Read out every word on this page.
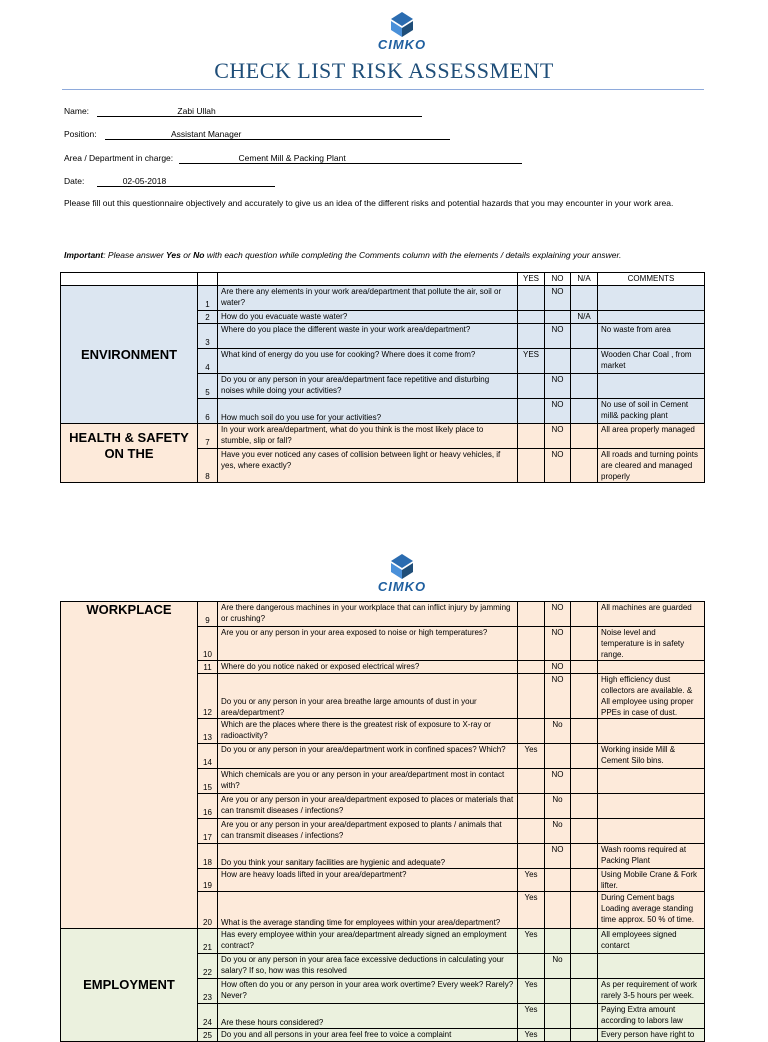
CIMKO
CHECK LIST RISK ASSESSMENT
Name:	Zabi Ullah
Position:	Assistant Manager
Area / Department in charge:	Cement Mill & Packing Plant
Date:	02-05-2018
Please fill out this questionnaire objectively and accurately to give us an idea of the different risks and potential hazards that you may encounter in your work area.
Important: Please answer Yes or No with each question while completing the Comments column with the elements / details explaining your answer.
			YES	NO	N/A	COMMENTS
ENVIRONMENT	1	Are there any elements in your work area/department that pollute the air, soil or water?		NO		
	2	How do you evacuate waste water?			N/A	
	3	Where do you place the different waste in your work area/department?		NO		No waste from area
	4	What kind of energy do you use for cooking? Where does it come from?	YES			Wooden Char Coal , from market
	5	Do you or any person in your area/department face repetitive and disturbing noises while doing your activities?		NO		
	6	How much soil do you use for your activities?		NO		No use of soil in Cement mill& packing plant
HEALTH & SAFETY ON THE	7	In your work area/department, what do you think is the most likely place to stumble, slip or fall?		NO		All area properly managed
	8	Have you ever noticed any cases of collision between light or heavy vehicles, if yes, where exactly?		NO		All roads and turning points are cleared and managed properly
CIMKO
WORKPLACE	9	Are there dangerous machines in your workplace that can inflict injury by jamming or crushing?		NO		All machines are guarded
	10	Are you or any person in your area exposed to noise or high temperatures?		NO		Noise level and temperature is in safety range.
	11	Where do you notice naked or exposed electrical wires?		NO		
	12	Do you or any person in your area breathe large amounts of dust in your area/department?		NO		High efficiency dust collectors are available. & All employee using proper PPEs in case of dust.
	13	Which are the places where there is the greatest risk of exposure to X-ray or radioactivity?		No		
	14	Do you or any person in your area/department work in confined spaces? Which?	Yes			Working inside Mill & Cement Silo bins.
	15	Which chemicals are you or any person in your area/department most in contact with?		NO		
	16	Are you or any person in your area/department exposed to places or materials that can transmit diseases / infections?		No		
	17	Are you or any person in your area/department exposed to plants / animals that can transmit diseases / infections?		No		
	18	Do you think your sanitary facilities are hygienic and adequate?		NO		Wash rooms required at Packing Plant
	19	How are heavy loads lifted in your area/department?	Yes			Using Mobile Crane & Fork lifter.
	20	What is the average standing time for employees within your area/department?	Yes			During Cement bags Loading average standing time approx. 50 % of time.
EMPLOYMENT	21	Has every employee within your area/department already signed an employment contract?	Yes			All employees signed contarct
	22	Do you or any person in your area face excessive deductions in calculating your salary? If so, how was this resolved		No		
	23	How often do you or any person in your area work overtime? Every week? Rarely? Never?	Yes			As per requirement of work rarely 3-5 hours per week.
	24	Are these hours considered?	Yes			Paying Extra amount according to labors law
	25	Do you and all persons in your area feel free to voice a complaint	Yes			Every person have right to
